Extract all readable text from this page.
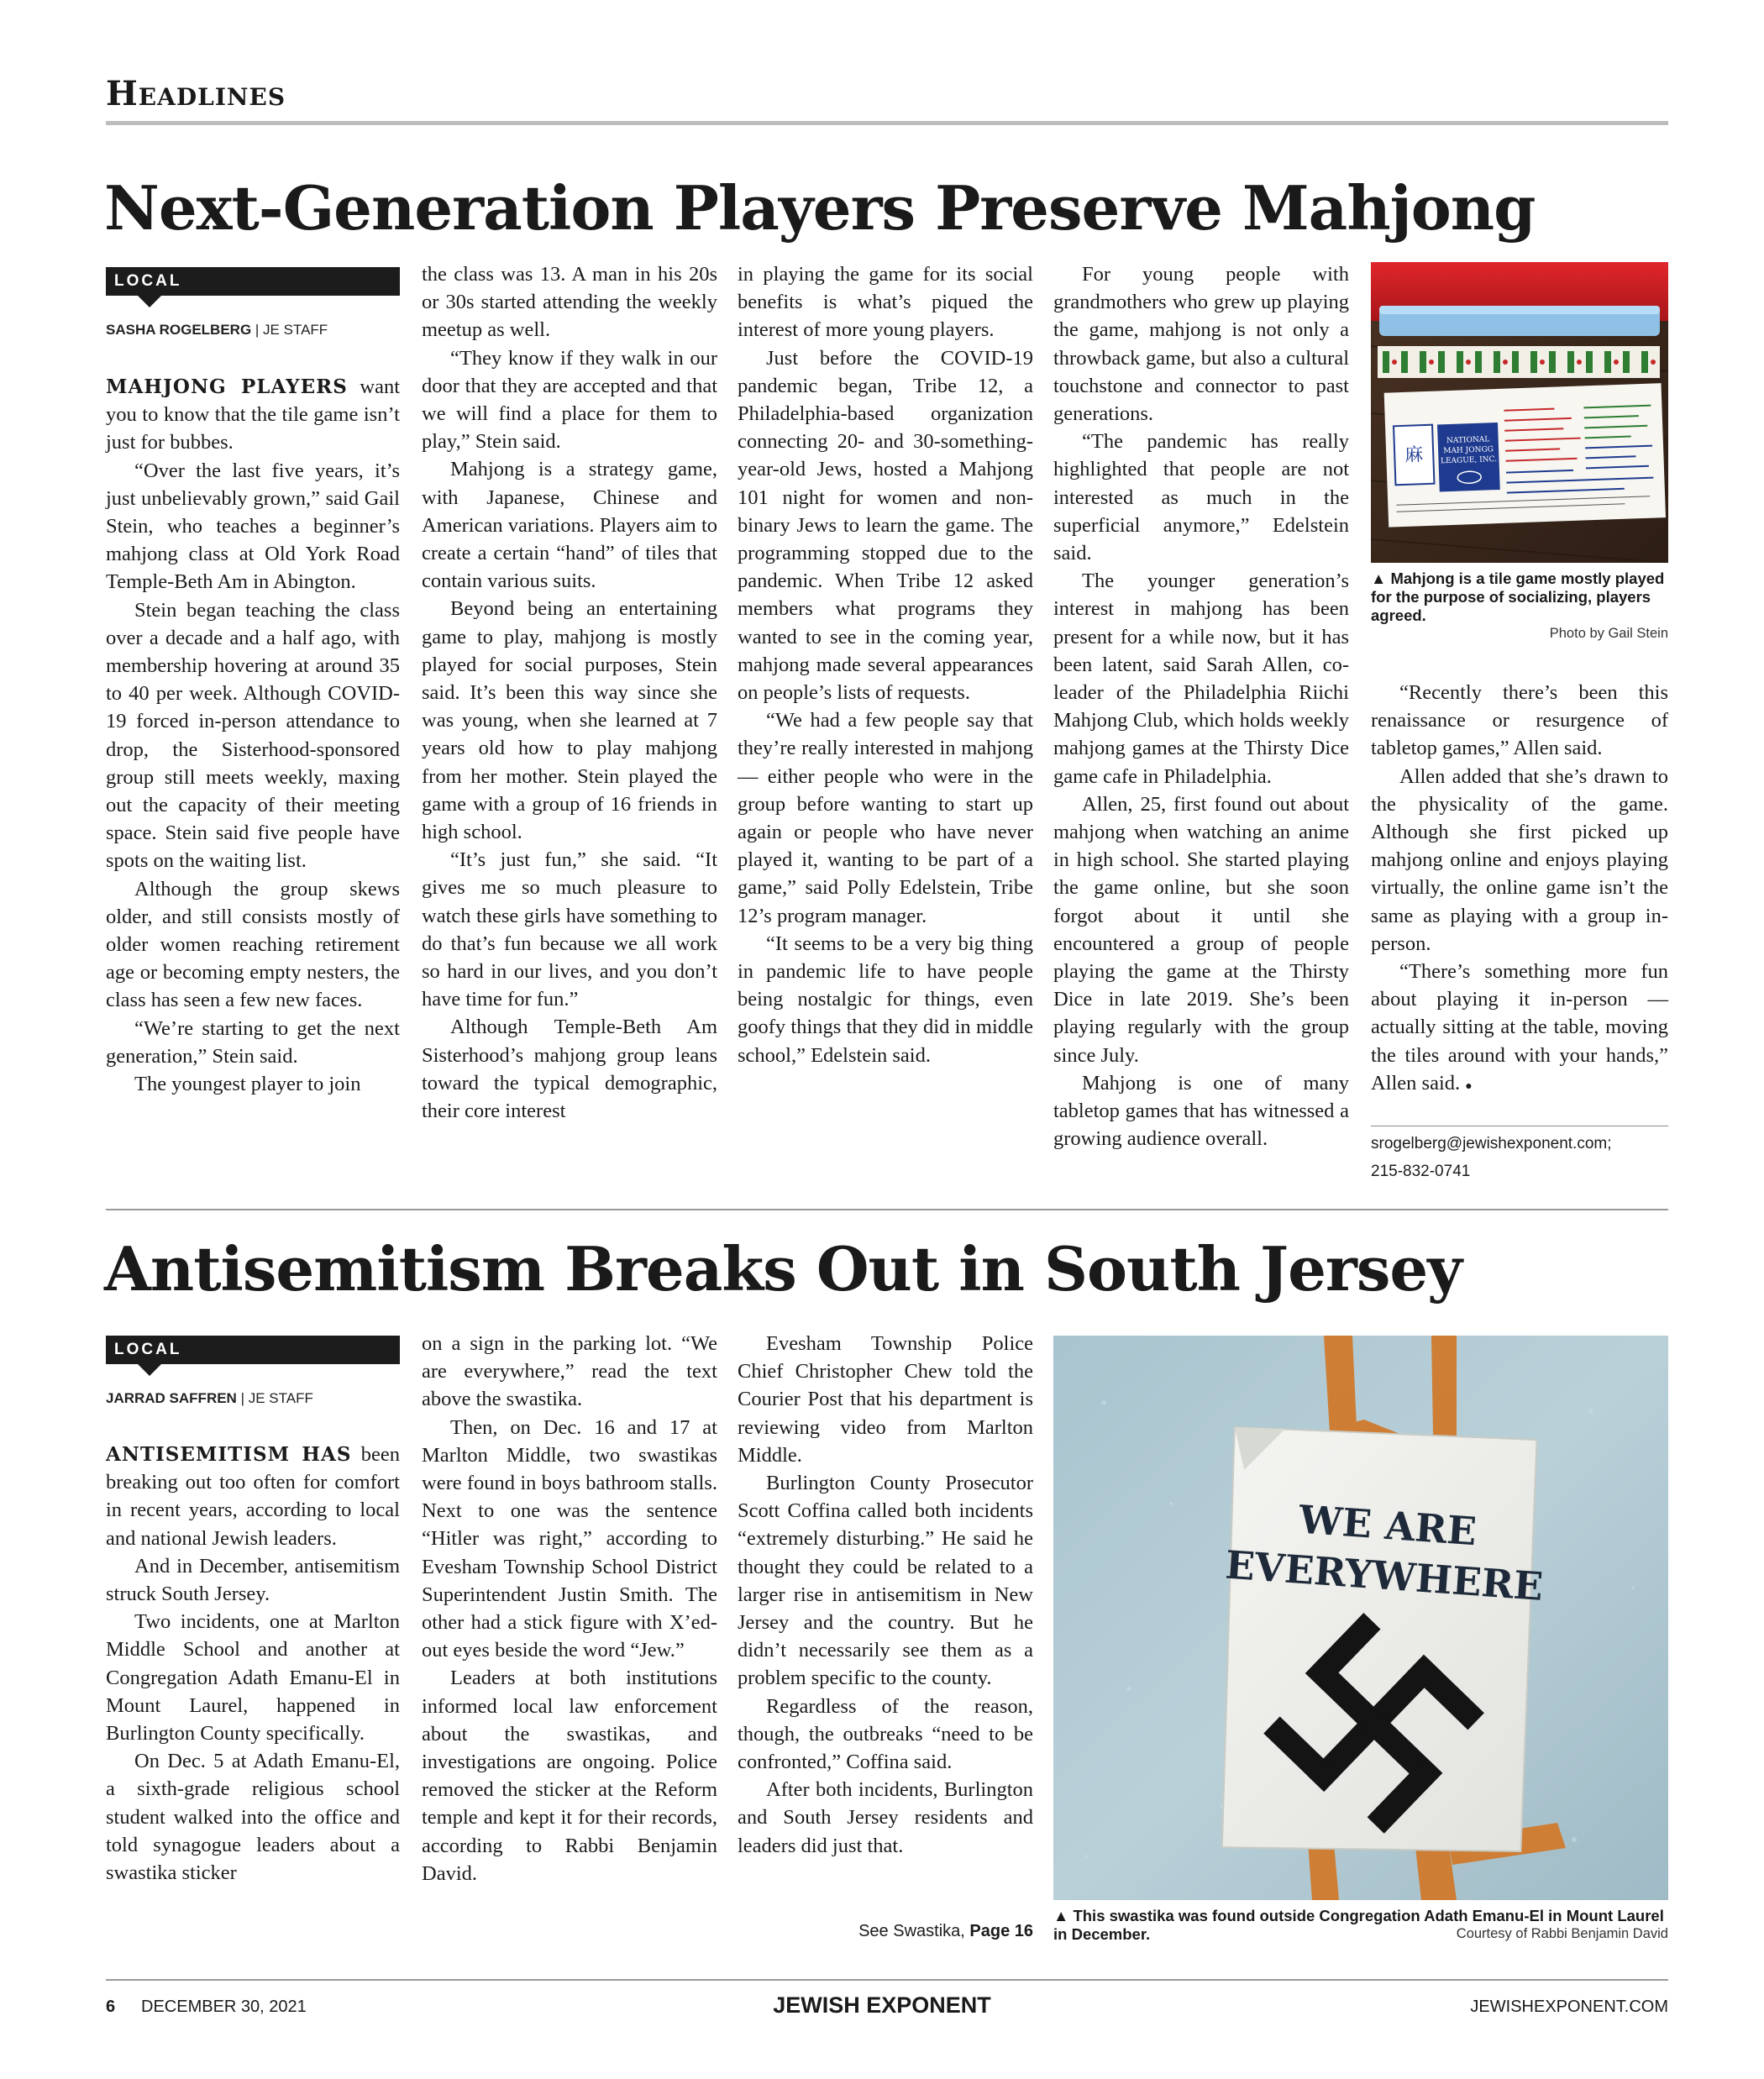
Headlines
Next-Generation Players Preserve Mahjong
LOCAL
SASHA ROGELBERG | JE STAFF

MAHJONG PLAYERS want you to know that the tile game isn’t just for bubbes.

“Over the last five years, it’s just unbelievably grown,” said Gail Stein, who teaches a beginner’s mahjong class at Old York Road Temple-Beth Am in Abington.

Stein began teaching the class over a decade and a half ago, with membership hovering at around 35 to 40 per week. Although COVID-19 forced in-person attendance to drop, the Sisterhood-sponsored group still meets weekly, maxing out the capacity of their meeting space. Stein said five people have spots on the waiting list.

Although the group skews older, and still consists mostly of older women reaching retirement age or becoming empty nesters, the class has seen a few new faces.

“We’re starting to get the next generation,” Stein said.

The youngest player to join

the class was 13. A man in his 20s or 30s started attending the weekly meetup as well.

“They know if they walk in our door that they are accepted and that we will find a place for them to play,” Stein said.

Mahjong is a strategy game, with Japanese, Chinese and American variations. Players aim to create a certain “hand” of tiles that contain various suits.

Beyond being an entertaining game to play, mahjong is mostly played for social purposes, Stein said. It’s been this way since she was young, when she learned at 7 years old how to play mahjong from her mother. Stein played the game with a group of 16 friends in high school.

“It’s just fun,” she said. “It gives me so much pleasure to watch these girls have something to do that’s fun because we all work so hard in our lives, and you don’t have time for fun.”

Although Temple-Beth Am Sisterhood’s mahjong group leans toward the typical demographic, their core interest

in playing the game for its social benefits is what’s piqued the interest of more young players.

Just before the COVID-19 pandemic began, Tribe 12, a Philadelphia-based organization connecting 20- and 30-something-year-old Jews, hosted a Mahjong 101 night for women and non-binary Jews to learn the game. The programming stopped due to the pandemic. When Tribe 12 asked members what programs they wanted to see in the coming year, mahjong made several appearances on people’s lists of requests.

“We had a few people say that they’re really interested in mahjong — either people who were in the group before wanting to start up again or people who have never played it, wanting to be part of a game,” said Polly Edelstein, Tribe 12’s program manager.

“It seems to be a very big thing in pandemic life to have people being nostalgic for things, even goofy things that they did in middle school,” Edelstein said.

For young people with grandmothers who grew up playing the game, mahjong is not only a throwback game, but also a cultural touchstone and connector to past generations.

“The pandemic has really highlighted that people are not interested as much in the superficial anymore,” Edelstein said.

The younger generation’s interest in mahjong has been present for a while now, but it has been latent, said Sarah Allen, co-leader of the Philadelphia Riichi Mahjong Club, which holds weekly mahjong games at the Thirsty Dice game cafe in Philadelphia.

Allen, 25, first found out about mahjong when watching an anime in high school. She started playing the game online, but she soon forgot about it until she encountered a group of people playing the game at the Thirsty Dice in late 2019. She’s been playing regularly with the group since July.

Mahjong is one of many tabletop games that has witnessed a growing audience overall.

麻
NATIONAL
MAH JONGG
LEAGUE, INC.
▲ Mahjong is a tile game mostly played for the purpose of socializing, players agreed.
Photo by Gail Stein

“Recently there’s been this renaissance or resurgence of tabletop games,” Allen said.

Allen added that she’s drawn to the physicality of the game. Although she first picked up mahjong online and enjoys playing virtually, the online game isn’t the same as playing with a group in-person.

“There’s something more fun about playing it in-person — actually sitting at the table, moving the tiles around with your hands,” Allen said. ●

srogelberg@jewishexponent.com;
215-832-0741
Antisemitism Breaks Out in South Jersey
LOCAL
JARRAD SAFFREN | JE STAFF

ANTISEMITISM HAS been breaking out too often for comfort in recent years, according to local and national Jewish leaders.

And in December, antisemitism struck South Jersey.

Two incidents, one at Marlton Middle School and another at Congregation Adath Emanu-El in Mount Laurel, happened in Burlington County specifically.

On Dec. 5 at Adath Emanu-El, a sixth-grade religious school student walked into the office and told synagogue leaders about a swastika sticker

on a sign in the parking lot. “We are everywhere,” read the text above the swastika.

Then, on Dec. 16 and 17 at Marlton Middle, two swastikas were found in boys bathroom stalls. Next to one was the sentence “Hitler was right,” according to Evesham Township School District Superintendent Justin Smith. The other had a stick figure with X’ed-out eyes beside the word “Jew.”

Leaders at both institutions informed local law enforcement about the swastikas, and investigations are ongoing. Police removed the sticker at the Reform temple and kept it for their records, according to Rabbi Benjamin David.

Evesham Township Police Chief Christopher Chew told the Courier Post that his department is reviewing video from Marlton Middle.

Burlington County Prosecutor Scott Coffina called both incidents “extremely disturbing.” He said he thought they could be related to a larger rise in antisemitism in New Jersey and the country. But he didn’t necessarily see them as a problem specific to the county.

Regardless of the reason, though, the outbreaks “need to be confronted,” Coffina said.

After both incidents, Burlington and South Jersey residents and leaders did just that.

See Swastika, Page 16
WE ARE
EVERYWHERE
▲ This swastika was found outside Congregation Adath Emanu-El in Mount Laurel in December.	Courtesy of Rabbi Benjamin David
6 DECEMBER 30, 2021	JEWISH EXPONENT	JEWISHEXPONENT.COM
